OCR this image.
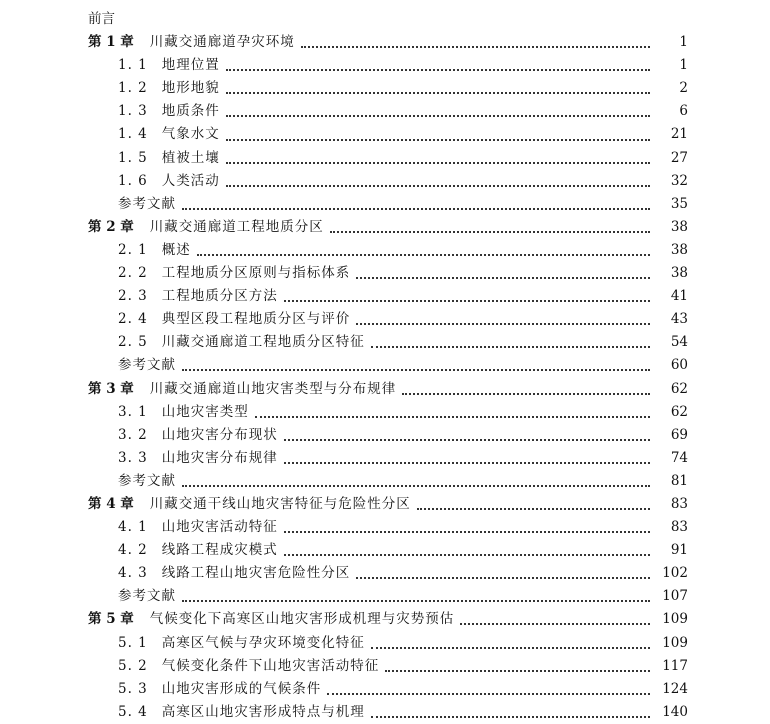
前言
第 1 章 川藏交通廊道孕灾环境	1
1. 1 地理位置	1
1. 2 地形地貌	2
1. 3 地质条件	6
1. 4 气象水文	21
1. 5 植被土壤	27
1. 6 人类活动	32
参考文献	35
第 2 章 川藏交通廊道工程地质分区	38
2. 1 概述	38
2. 2 工程地质分区原则与指标体系	38
2. 3 工程地质分区方法	41
2. 4 典型区段工程地质分区与评价	43
2. 5 川藏交通廊道工程地质分区特征	54
参考文献	60
第 3 章 川藏交通廊道山地灾害类型与分布规律	62
3. 1 山地灾害类型	62
3. 2 山地灾害分布现状	69
3. 3 山地灾害分布规律	74
参考文献	81
第 4 章 川藏交通干线山地灾害特征与危险性分区	83
4. 1 山地灾害活动特征	83
4. 2 线路工程成灾模式	91
4. 3 线路工程山地灾害危险性分区	102
参考文献	107
第 5 章 气候变化下高寒区山地灾害形成机理与灾势预估	109
5. 1 高寒区气候与孕灾环境变化特征	109
5. 2 气候变化条件下山地灾害活动特征	117
5. 3 山地灾害形成的气候条件	124
5. 4 高寒区山地灾害形成特点与机理	140
